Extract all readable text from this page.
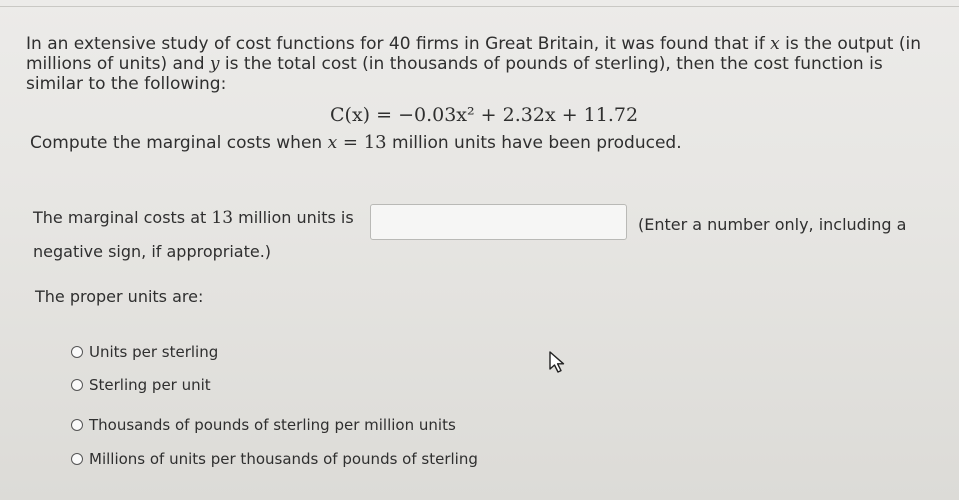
In an extensive study of cost functions for 40 firms in Great Britain, it was found that if x is the output (in
millions of units) and y is the total cost (in thousands of pounds of sterling), then the cost function is
similar to the following:
C(x) = −0.03x² + 2.32x + 11.72
Compute the marginal costs when x = 13 million units have been produced.
The marginal costs at 13 million units is	(Enter a number only, including a
negative sign, if appropriate.)
The proper units are:
Units per sterling
Sterling per unit
Thousands of pounds of sterling per million units
Millions of units per thousands of pounds of sterling
